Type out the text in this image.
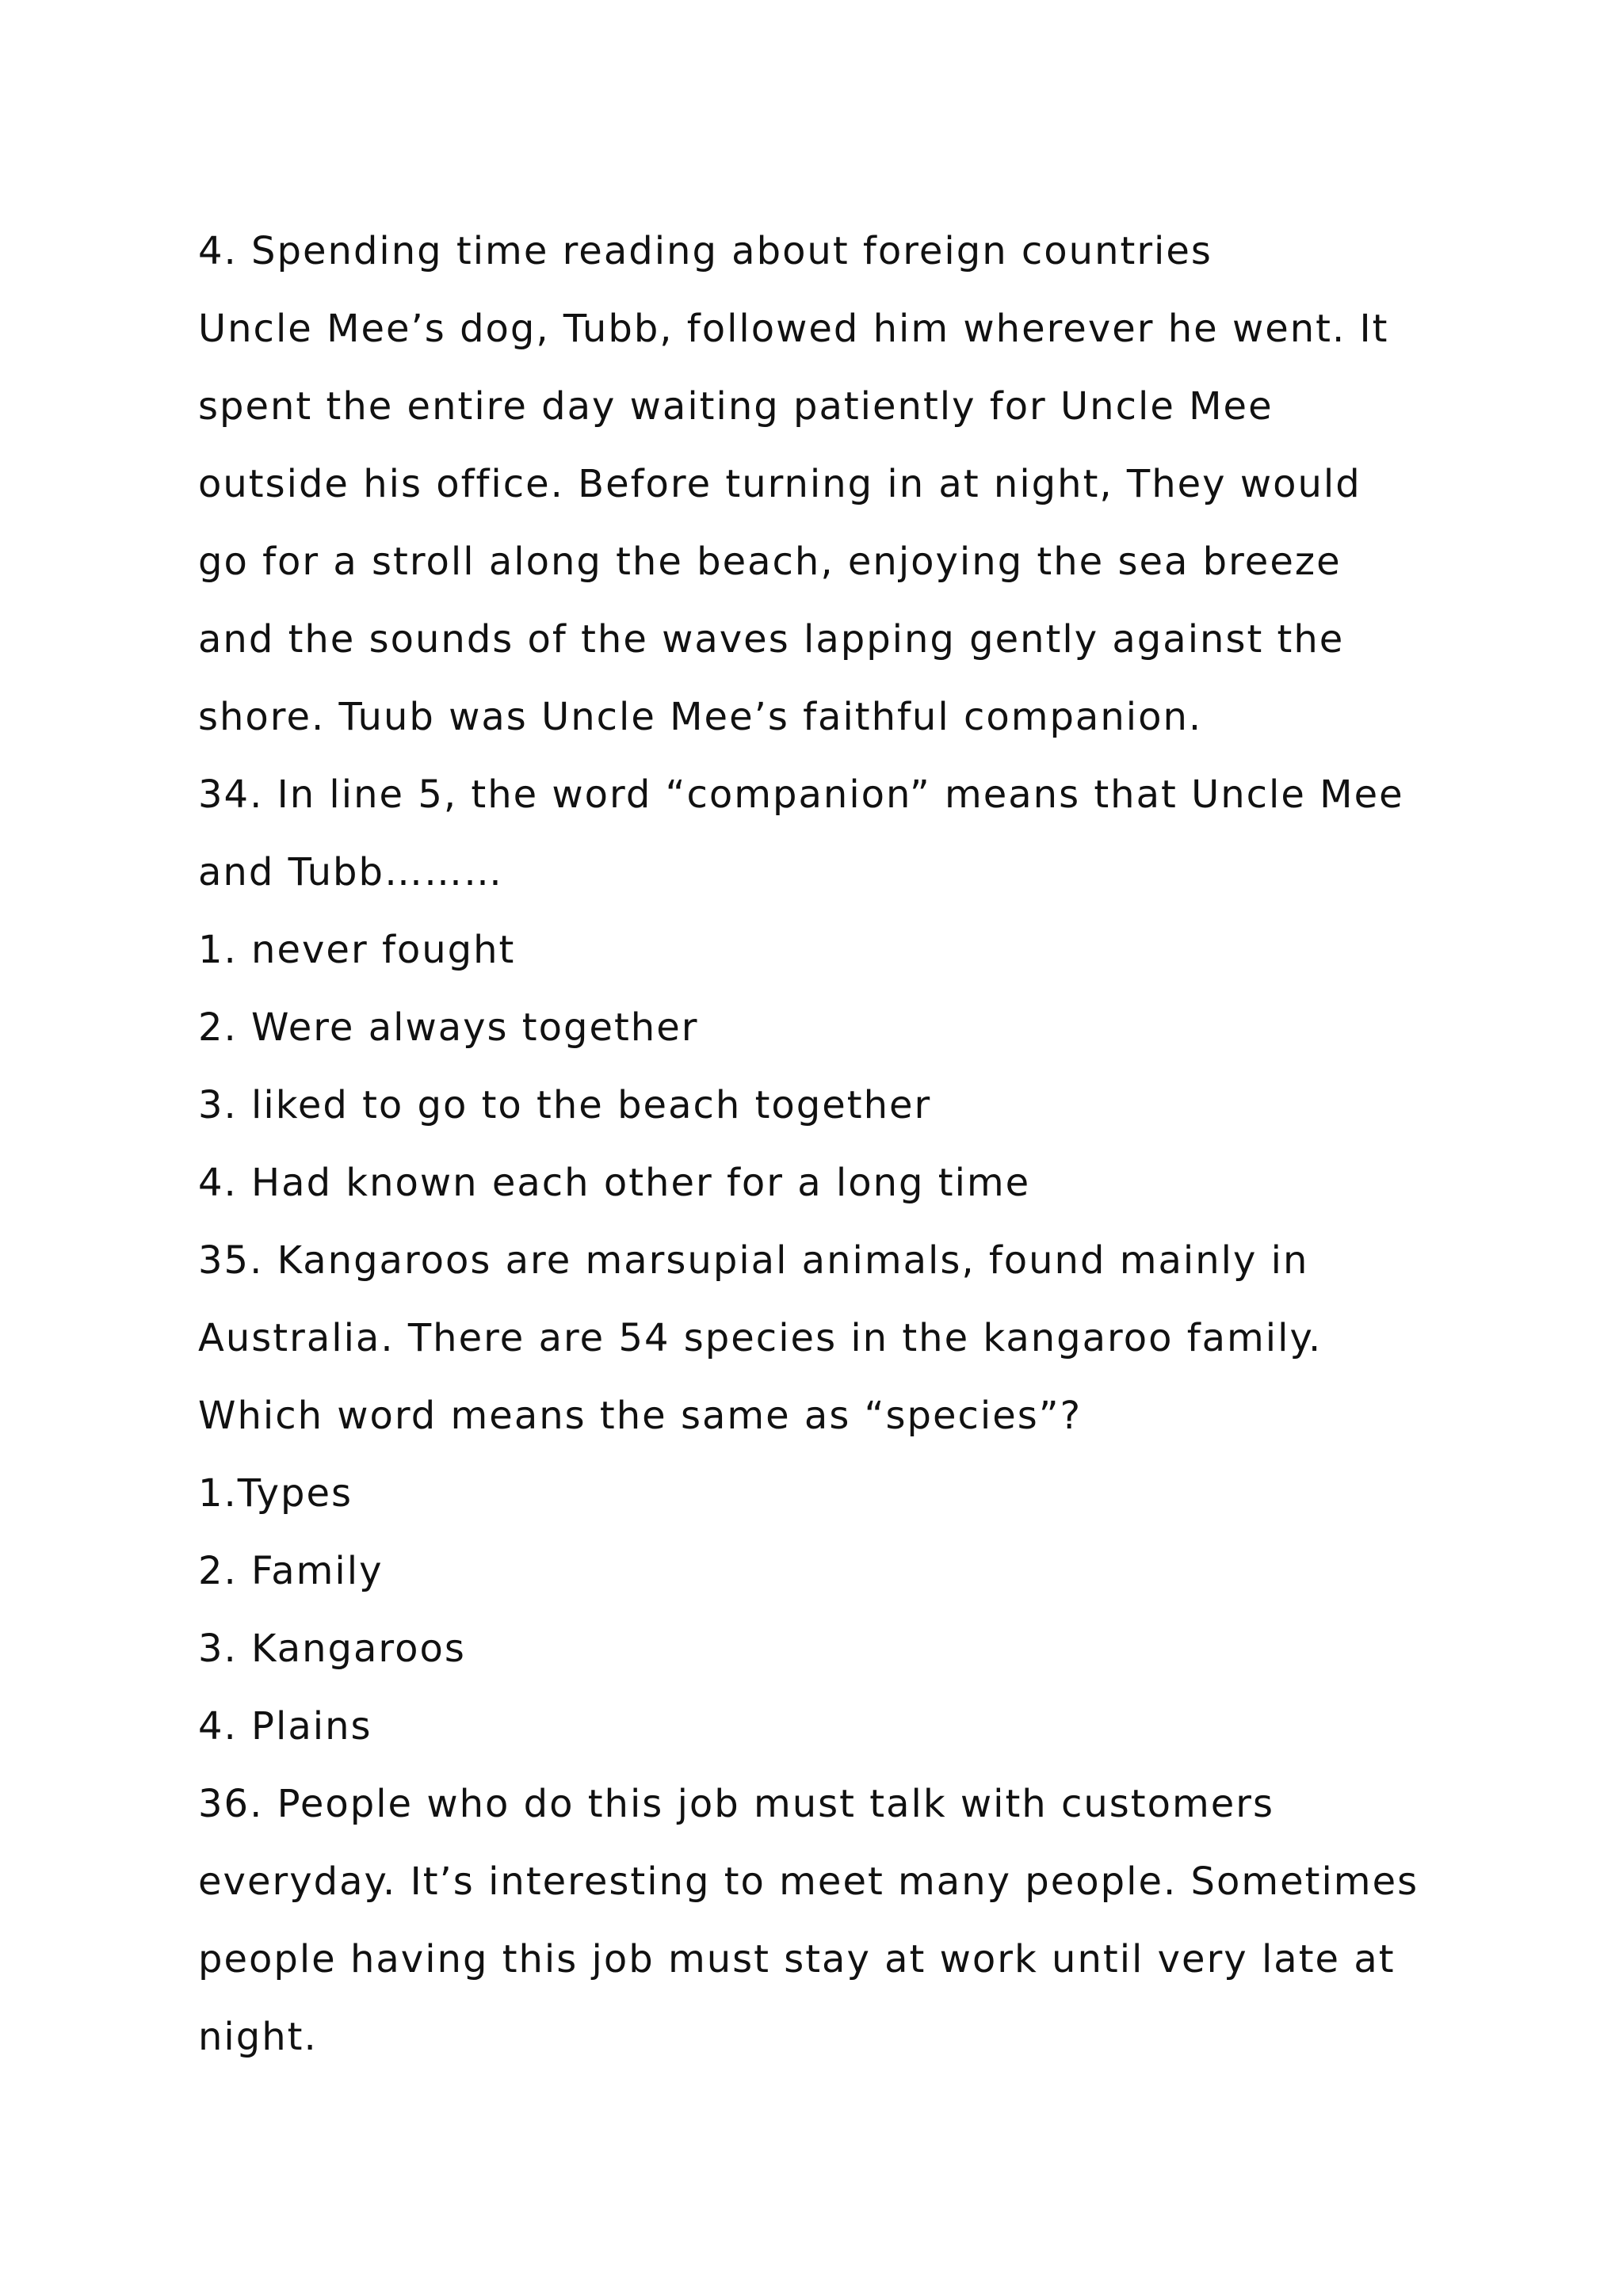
4. Spending time reading about foreign countries
Uncle Mee’s dog, Tubb, followed him wherever he went. It
spent the entire day waiting patiently for Uncle Mee
outside his office. Before turning in at night, They would
go for a stroll along the beach, enjoying the sea breeze
and the sounds of the waves lapping gently against the
shore. Tuub was Uncle Mee’s faithful companion.
34. In line 5, the word “companion” means that Uncle Mee
and Tubb………
1. never fought
2. Were always together
3. liked to go to the beach together
4. Had known each other for a long time
35. Kangaroos are marsupial animals, found mainly in
Australia. There are 54 species in the kangaroo family.
Which word means the same as “species”?
1.Types
2. Family
3. Kangaroos
4. Plains
36. People who do this job must talk with customers
everyday. It’s interesting to meet many people. Sometimes
people having this job must stay at work until very late at
night.
